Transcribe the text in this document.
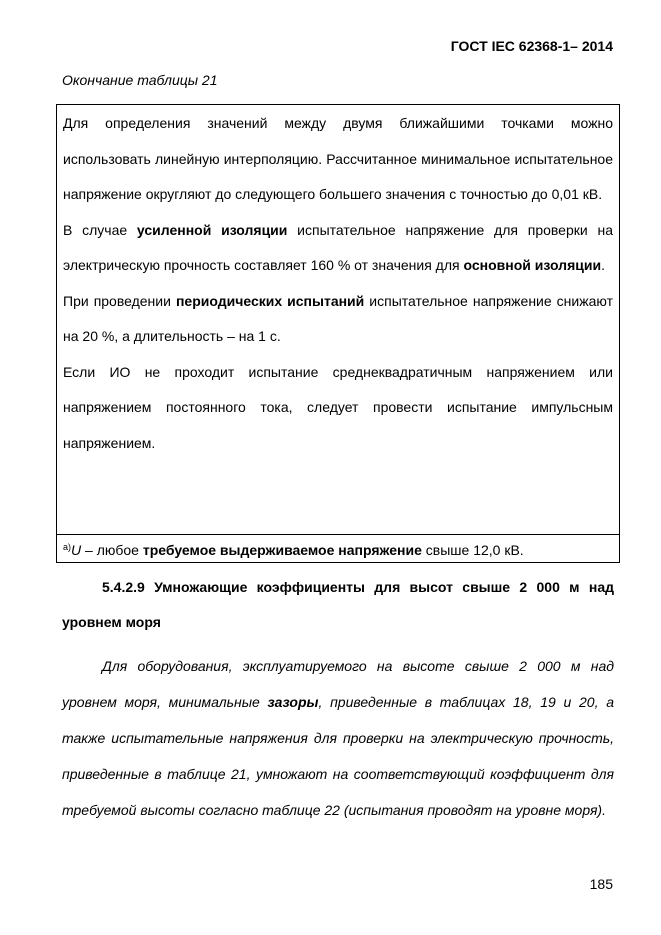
ГОСТ IEC 62368-1– 2014
Окончание таблицы 21

Для определения значений между двумя ближайшими точками можно использовать линейную интерполяцию. Рассчитанное минимальное испытательное напряжение округляют до следующего большего значения с точностью до 0,01 кВ.

В случае усиленной изоляции испытательное напряжение для проверки на электрическую прочность составляет 160 % от значения для основной изоляции.

При проведении периодических испытаний испытательное напряжение снижают на 20 %, а длительность – на 1 с.

Если ИО не проходит испытание среднеквадратичным напряжением или напряжением постоянного тока, следует провести испытание импульсным напряжением.

$^{а)}$U – любое требуемое выдерживаемое напряжение свыше 12,0 кВ.
5.4.2.9 Умножающие коэффициенты для высот свыше 2 000 м над уровнем моря

Для оборудования, эксплуатируемого на высоте свыше 2 000 м над уровнем моря, минимальные зазоры, приведенные в таблицах 18, 19 и 20, а также испытательные напряжения для проверки на электрическую прочность, приведенные в таблице 21, умножают на соответствующий коэффициент для требуемой высоты согласно таблице 22 (испытания проводят на уровне моря).

185
